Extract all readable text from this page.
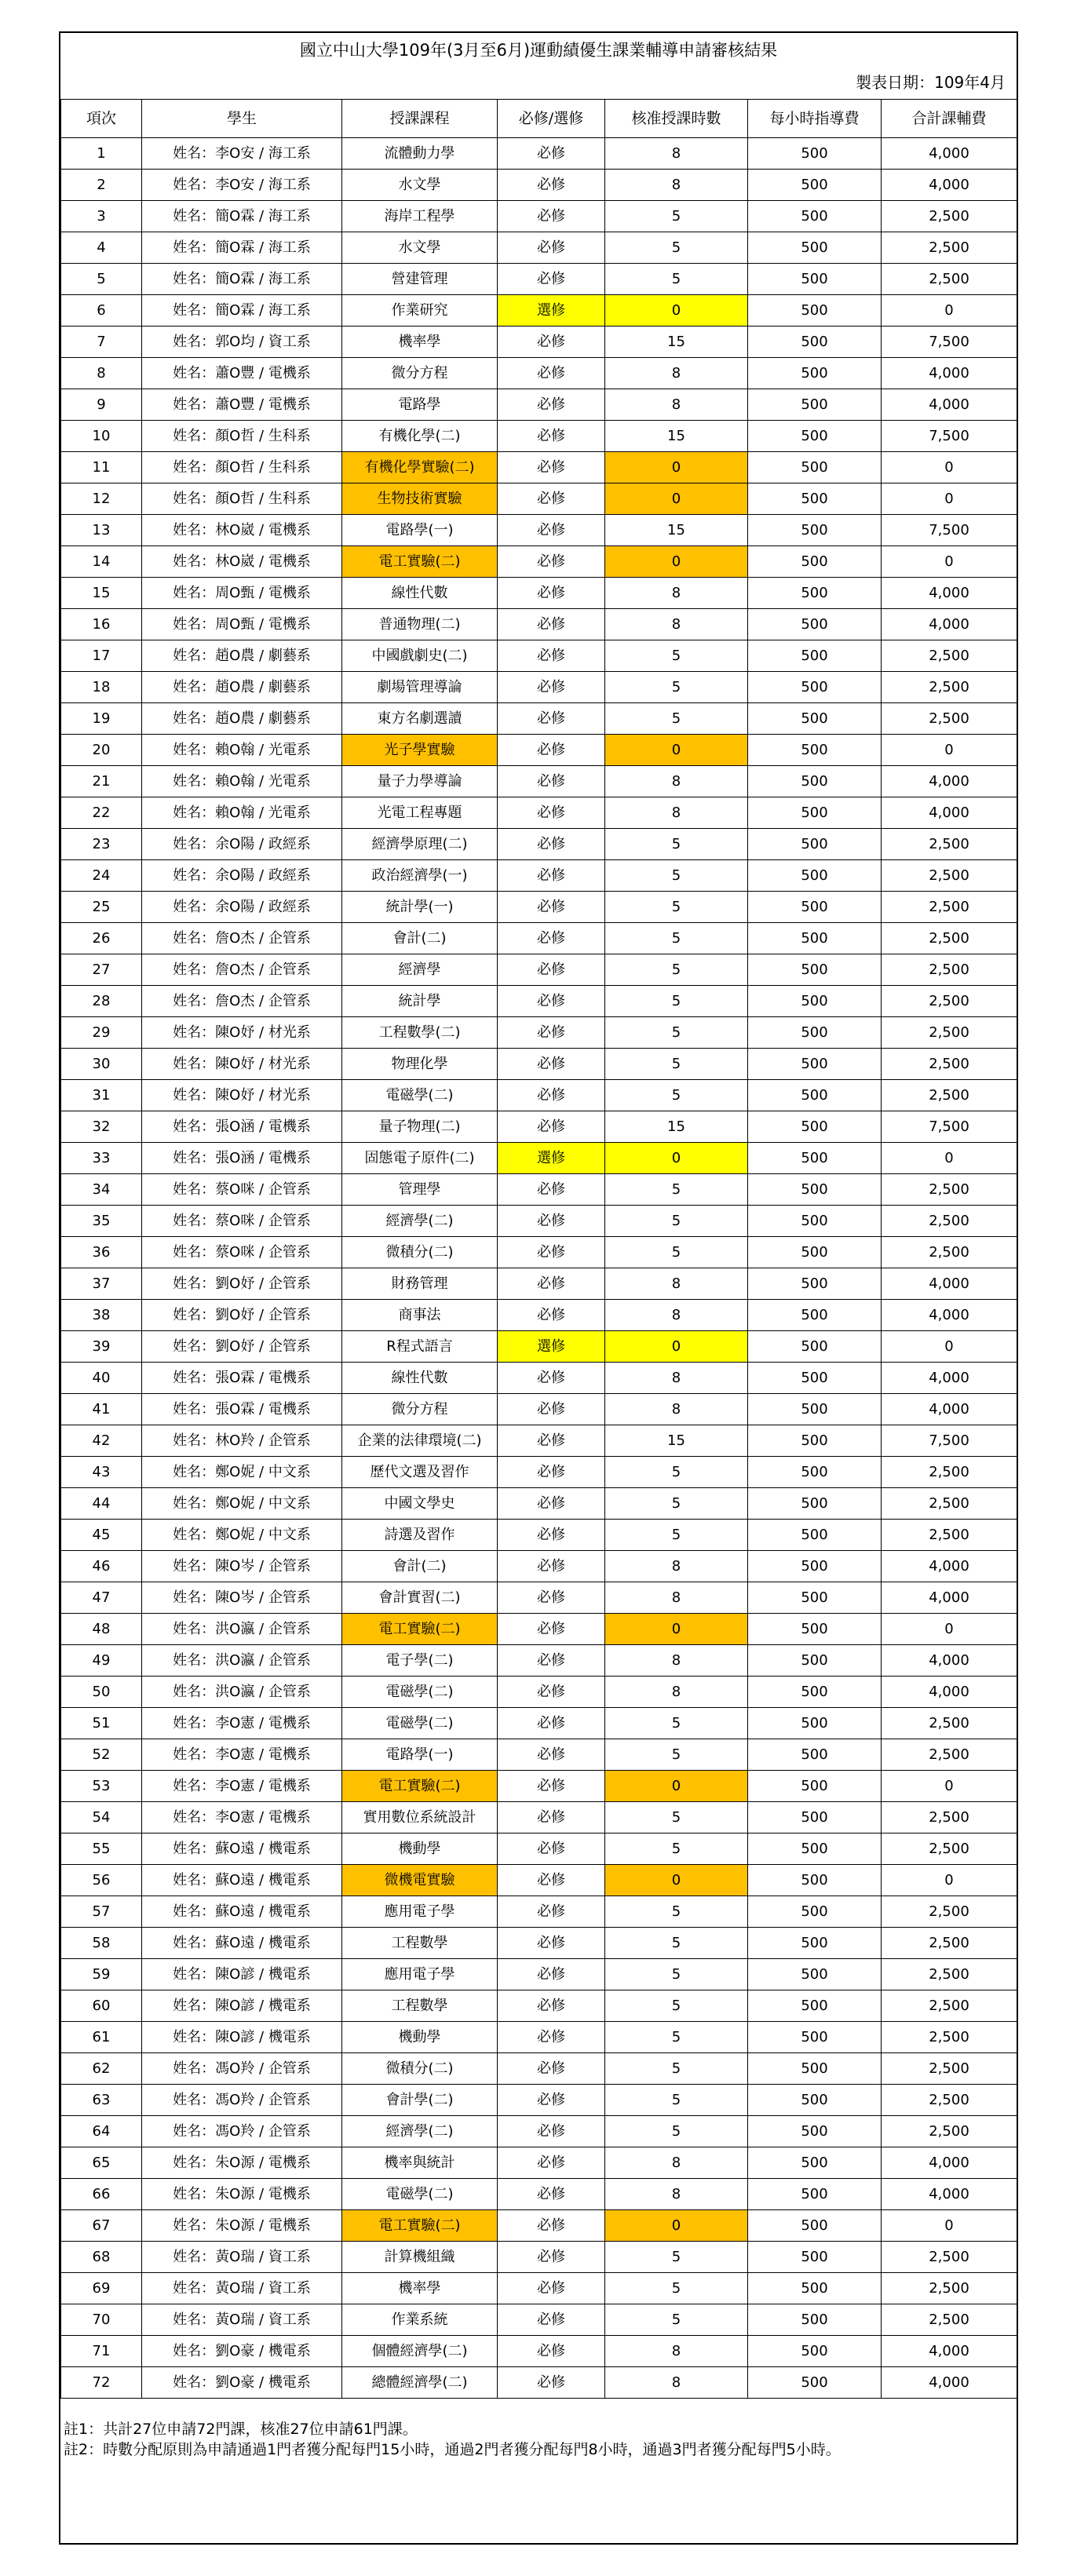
國立中山大學109年(3月至6月)運動績優生課業輔導申請審核結果
製表日期：109年4月
項次	學生	授課課程	必修/選修	核准授課時數	每小時指導費	合計課輔費
1	姓名：李O安 / 海工系	流體動力學	必修	8	500	4,000
2	姓名：李O安 / 海工系	水文學	必修	8	500	4,000
3	姓名：簡O霖 / 海工系	海岸工程學	必修	5	500	2,500
4	姓名：簡O霖 / 海工系	水文學	必修	5	500	2,500
5	姓名：簡O霖 / 海工系	營建管理	必修	5	500	2,500
6	姓名：簡O霖 / 海工系	作業研究	選修	0	500	0
7	姓名：郭O均 / 資工系	機率學	必修	15	500	7,500
8	姓名：蕭O豐 / 電機系	微分方程	必修	8	500	4,000
9	姓名：蕭O豐 / 電機系	電路學	必修	8	500	4,000
10	姓名：顏O哲 / 生科系	有機化學(二)	必修	15	500	7,500
11	姓名：顏O哲 / 生科系	有機化學實驗(二)	必修	0	500	0
12	姓名：顏O哲 / 生科系	生物技術實驗	必修	0	500	0
13	姓名：林O崴 / 電機系	電路學(一)	必修	15	500	7,500
14	姓名：林O崴 / 電機系	電工實驗(二)	必修	0	500	0
15	姓名：周O甄 / 電機系	線性代數	必修	8	500	4,000
16	姓名：周O甄 / 電機系	普通物理(二)	必修	8	500	4,000
17	姓名：趙O農 / 劇藝系	中國戲劇史(二)	必修	5	500	2,500
18	姓名：趙O農 / 劇藝系	劇場管理導論	必修	5	500	2,500
19	姓名：趙O農 / 劇藝系	東方名劇選讀	必修	5	500	2,500
20	姓名：賴O翰 / 光電系	光子學實驗	必修	0	500	0
21	姓名：賴O翰 / 光電系	量子力學導論	必修	8	500	4,000
22	姓名：賴O翰 / 光電系	光電工程專題	必修	8	500	4,000
23	姓名：余O陽 / 政經系	經濟學原理(二)	必修	5	500	2,500
24	姓名：余O陽 / 政經系	政治經濟學(一)	必修	5	500	2,500
25	姓名：余O陽 / 政經系	統計學(一)	必修	5	500	2,500
26	姓名：詹O杰 / 企管系	會計(二)	必修	5	500	2,500
27	姓名：詹O杰 / 企管系	經濟學	必修	5	500	2,500
28	姓名：詹O杰 / 企管系	統計學	必修	5	500	2,500
29	姓名：陳O妤 / 材光系	工程數學(二)	必修	5	500	2,500
30	姓名：陳O妤 / 材光系	物理化學	必修	5	500	2,500
31	姓名：陳O妤 / 材光系	電磁學(二)	必修	5	500	2,500
32	姓名：張O涵 / 電機系	量子物理(二)	必修	15	500	7,500
33	姓名：張O涵 / 電機系	固態電子原件(二)	選修	0	500	0
34	姓名：蔡O咪 / 企管系	管理學	必修	5	500	2,500
35	姓名：蔡O咪 / 企管系	經濟學(二)	必修	5	500	2,500
36	姓名：蔡O咪 / 企管系	微積分(二)	必修	5	500	2,500
37	姓名：劉O妤 / 企管系	財務管理	必修	8	500	4,000
38	姓名：劉O妤 / 企管系	商事法	必修	8	500	4,000
39	姓名：劉O妤 / 企管系	R程式語言	選修	0	500	0
40	姓名：張O霖 / 電機系	線性代數	必修	8	500	4,000
41	姓名：張O霖 / 電機系	微分方程	必修	8	500	4,000
42	姓名：林O羚 / 企管系	企業的法律環境(二)	必修	15	500	7,500
43	姓名：鄭O妮 / 中文系	歷代文選及習作	必修	5	500	2,500
44	姓名：鄭O妮 / 中文系	中國文學史	必修	5	500	2,500
45	姓名：鄭O妮 / 中文系	詩選及習作	必修	5	500	2,500
46	姓名：陳O岑 / 企管系	會計(二)	必修	8	500	4,000
47	姓名：陳O岑 / 企管系	會計實習(二)	必修	8	500	4,000
48	姓名：洪O瀛 / 企管系	電工實驗(二)	必修	0	500	0
49	姓名：洪O瀛 / 企管系	電子學(二)	必修	8	500	4,000
50	姓名：洪O瀛 / 企管系	電磁學(二)	必修	8	500	4,000
51	姓名：李O憲 / 電機系	電磁學(二)	必修	5	500	2,500
52	姓名：李O憲 / 電機系	電路學(一)	必修	5	500	2,500
53	姓名：李O憲 / 電機系	電工實驗(二)	必修	0	500	0
54	姓名：李O憲 / 電機系	實用數位系統設計	必修	5	500	2,500
55	姓名：蘇O遠 / 機電系	機動學	必修	5	500	2,500
56	姓名：蘇O遠 / 機電系	微機電實驗	必修	0	500	0
57	姓名：蘇O遠 / 機電系	應用電子學	必修	5	500	2,500
58	姓名：蘇O遠 / 機電系	工程數學	必修	5	500	2,500
59	姓名：陳O諺 / 機電系	應用電子學	必修	5	500	2,500
60	姓名：陳O諺 / 機電系	工程數學	必修	5	500	2,500
61	姓名：陳O諺 / 機電系	機動學	必修	5	500	2,500
62	姓名：馮O羚 / 企管系	微積分(二)	必修	5	500	2,500
63	姓名：馮O羚 / 企管系	會計學(二)	必修	5	500	2,500
64	姓名：馮O羚 / 企管系	經濟學(二)	必修	5	500	2,500
65	姓名：朱O源 / 電機系	機率與統計	必修	8	500	4,000
66	姓名：朱O源 / 電機系	電磁學(二)	必修	8	500	4,000
67	姓名：朱O源 / 電機系	電工實驗(二)	必修	0	500	0
68	姓名：黃O瑞 / 資工系	計算機組織	必修	5	500	2,500
69	姓名：黃O瑞 / 資工系	機率學	必修	5	500	2,500
70	姓名：黃O瑞 / 資工系	作業系統	必修	5	500	2,500
71	姓名：劉O豪 / 機電系	個體經濟學(二)	必修	8	500	4,000
72	姓名：劉O豪 / 機電系	總體經濟學(二)	必修	8	500	4,000
註1：共計27位申請72門課，核准27位申請61門課。
註2：時數分配原則為申請通過1門者獲分配每門15小時，通過2門者獲分配每門8小時，通過3門者獲分配每門5小時。
